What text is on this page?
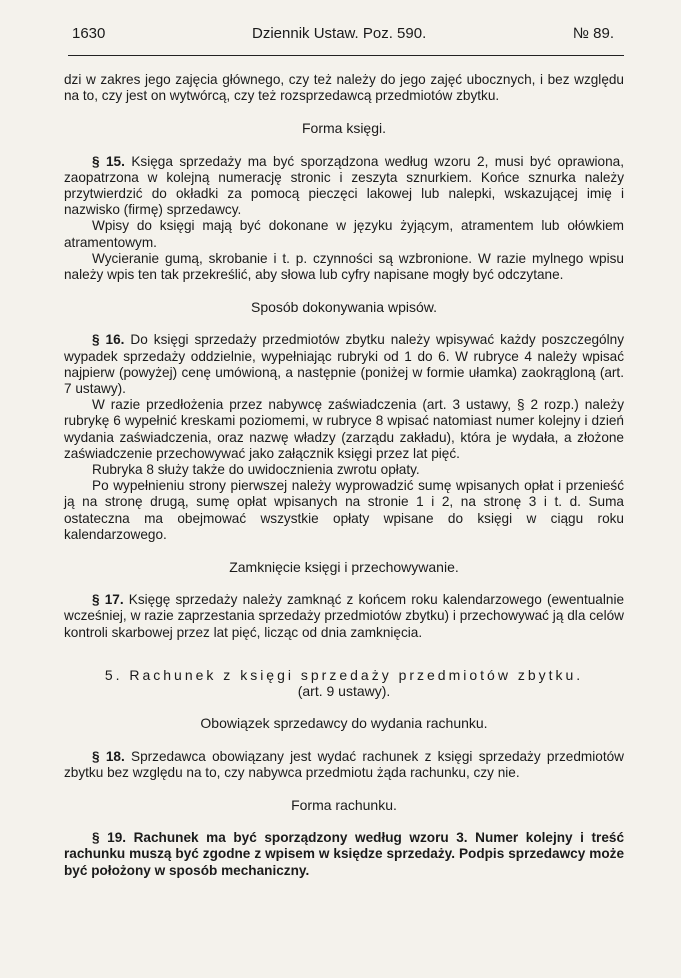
1630	Dziennik Ustaw. Poz. 590.	№ 89.

dzi w zakres jego zajęcia głównego, czy też należy do jego zajęć ubocznych, i bez względu na to, czy jest on wytwórcą, czy też rozsprzedawcą przedmiotów zbytku.

Forma księgi.

§ 15. Księga sprzedaży ma być sporządzona według wzoru 2, musi być oprawiona, zaopatrzona w kolejną numerację stronic i zeszyta sznurkiem. Końce sznurka należy przytwierdzić do okładki za pomocą pieczęci lakowej lub nalepki, wskazującej imię i nazwisko (firmę) sprzedawcy.

Wpisy do księgi mają być dokonane w języku żyjącym, atramentem lub ołówkiem atramentowym.

Wycieranie gumą, skrobanie i t. p. czynności są wzbronione. W razie mylnego wpisu należy wpis ten tak przekreślić, aby słowa lub cyfry napisane mogły być odczytane.

Sposób dokonywania wpisów.

§ 16. Do księgi sprzedaży przedmiotów zbytku należy wpisywać każdy poszczególny wypadek sprzedaży oddzielnie, wypełniając rubryki od 1 do 6. W rubryce 4 należy wpisać najpierw (powyżej) cenę umówioną, a następnie (poniżej w formie ułamka) zaokrągloną (art. 7 ustawy).

W razie przedłożenia przez nabywcę zaświadczenia (art. 3 ustawy, § 2 rozp.) należy rubrykę 6 wypełnić kreskami poziomemi, w rubryce 8 wpisać natomiast numer kolejny i dzień wydania zaświadczenia, oraz nazwę władzy (zarządu zakładu), która je wydała, a złożone zaświadczenie przechowywać jako załącznik księgi przez lat pięć.

Rubryka 8 służy także do uwidocznienia zwrotu opłaty.

Po wypełnieniu strony pierwszej należy wyprowadzić sumę wpisanych opłat i przenieść ją na stronę drugą, sumę opłat wpisanych na stronie 1 i 2, na stronę 3 i t. d. Suma ostateczna ma obejmować wszystkie opłaty wpisane do księgi w ciągu roku kalendarzowego.

Zamknięcie księgi i przechowywanie.

§ 17. Księgę sprzedaży należy zamknąć z końcem roku kalendarzowego (ewentualnie wcześniej, w razie zaprzestania sprzedaży przedmiotów zbytku) i przechowywać ją dla celów kontroli skarbowej przez lat pięć, licząc od dnia zamknięcia.

5. Rachunek z księgi sprzedaży przedmiotów zbytku.
(art. 9 ustawy).
Obowiązek sprzedawcy do wydania rachunku.

§ 18. Sprzedawca obowiązany jest wydać rachunek z księgi sprzedaży przedmiotów zbytku bez względu na to, czy nabywca przedmiotu żąda rachunku, czy nie.

Forma rachunku.

§ 19. Rachunek ma być sporządzony według wzoru 3. Numer kolejny i treść rachunku muszą być zgodne z wpisem w księdze sprzedaży. Podpis sprzedawcy może być położony w sposób mechaniczny.
